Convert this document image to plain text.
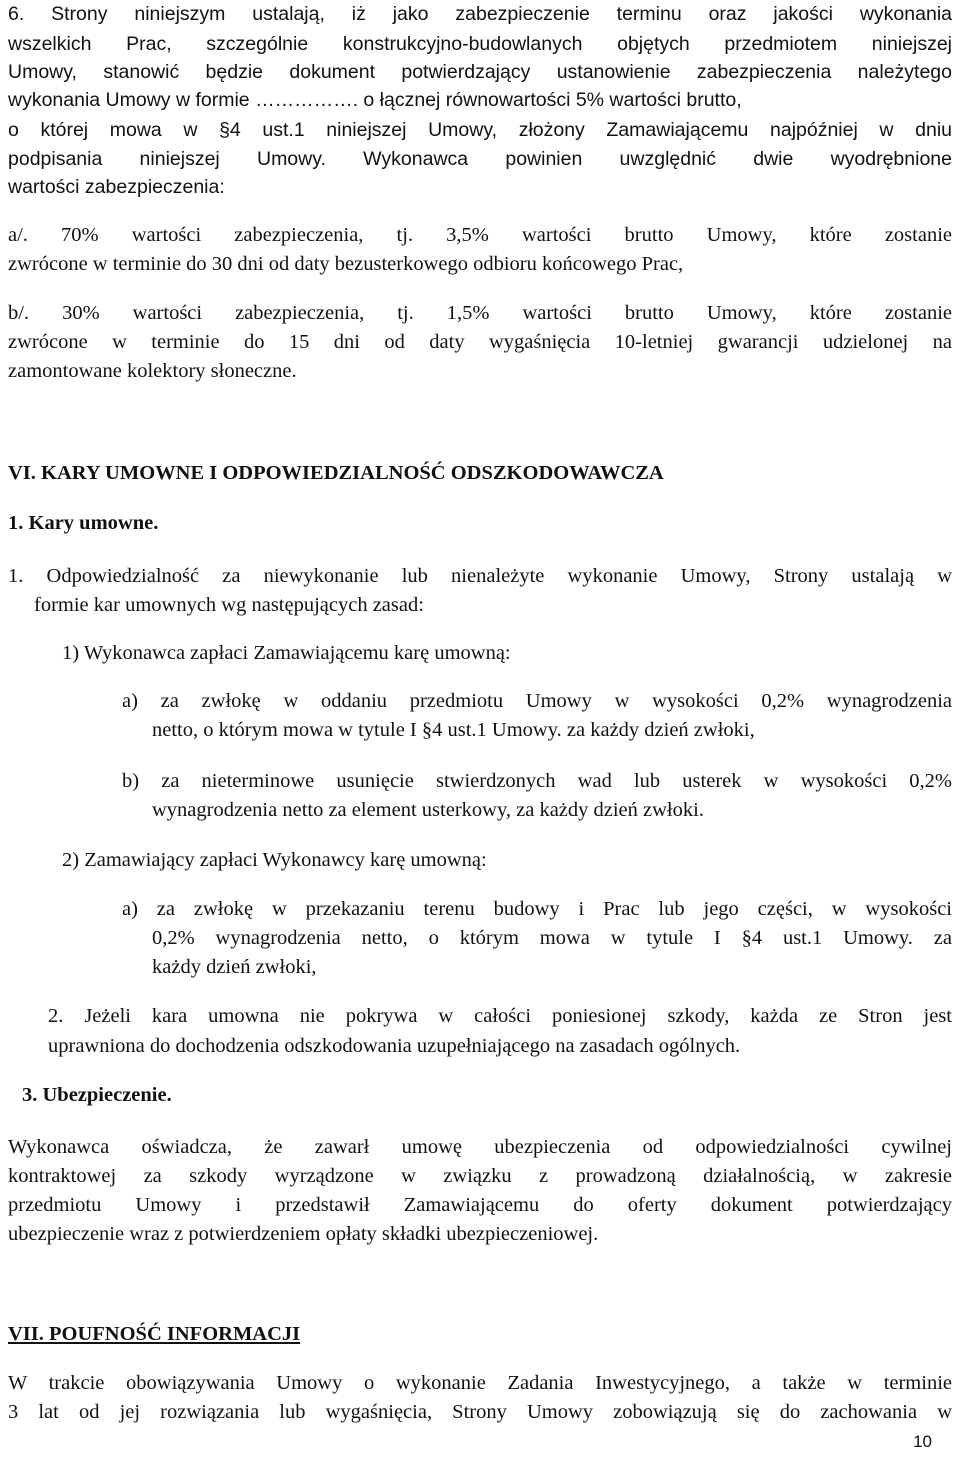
6. Strony niniejszym ustalają, iż jako zabezpieczenie terminu oraz jakości wykonania
wszelkich Prac, szczególnie konstrukcyjno-budowlanych objętych przedmiotem niniejszej
Umowy, stanowić będzie dokument potwierdzający ustanowienie zabezpieczenia należytego
wykonania Umowy w formie ……………. o łącznej równowartości 5% wartości brutto,
o której mowa w §4 ust.1 niniejszej Umowy, złożony Zamawiającemu najpóźniej w dniu
podpisania niniejszej Umowy. Wykonawca powinien uwzględnić dwie wyodrębnione
wartości zabezpieczenia:
a/. 70% wartości zabezpieczenia, tj. 3,5% wartości brutto Umowy, które zostanie
zwrócone w terminie do 30 dni od daty bezusterkowego odbioru końcowego Prac,
b/. 30% wartości zabezpieczenia, tj. 1,5% wartości brutto Umowy, które zostanie
zwrócone w terminie do 15 dni od daty wygaśnięcia 10-letniej gwarancji udzielonej na
zamontowane kolektory słoneczne.
VI. KARY UMOWNE I ODPOWIEDZIALNOŚĆ ODSZKODOWAWCZA
1. Kary umowne.
1. Odpowiedzialność za niewykonanie lub nienależyte wykonanie Umowy, Strony ustalają w
formie kar umownych wg następujących zasad:
1) Wykonawca zapłaci Zamawiającemu karę umowną:
a) za zwłokę w oddaniu przedmiotu Umowy w wysokości 0,2% wynagrodzenia
netto, o którym mowa w tytule I §4 ust.1 Umowy. za każdy dzień zwłoki,
b) za nieterminowe usunięcie stwierdzonych wad lub usterek w wysokości 0,2%
wynagrodzenia netto za element usterkowy, za każdy dzień zwłoki.
2) Zamawiający zapłaci Wykonawcy karę umowną:
a) za zwłokę w przekazaniu terenu budowy i Prac lub jego części, w wysokości
0,2% wynagrodzenia netto, o którym mowa w tytule I §4 ust.1 Umowy. za
każdy dzień zwłoki,
2. Jeżeli kara umowna nie pokrywa w całości poniesionej szkody, każda ze Stron jest
uprawniona do dochodzenia odszkodowania uzupełniającego na zasadach ogólnych.
3. Ubezpieczenie.
Wykonawca oświadcza, że zawarł umowę ubezpieczenia od odpowiedzialności cywilnej
kontraktowej za szkody wyrządzone w związku z prowadzoną działalnością, w zakresie
przedmiotu Umowy i przedstawił Zamawiającemu do oferty dokument potwierdzający
ubezpieczenie wraz z potwierdzeniem opłaty składki ubezpieczeniowej.
VII. POUFNOŚĆ INFORMACJI
W trakcie obowiązywania Umowy o wykonanie Zadania Inwestycyjnego, a także w terminie
3 lat od jej rozwiązania lub wygaśnięcia, Strony Umowy zobowiązują się do zachowania w
10
